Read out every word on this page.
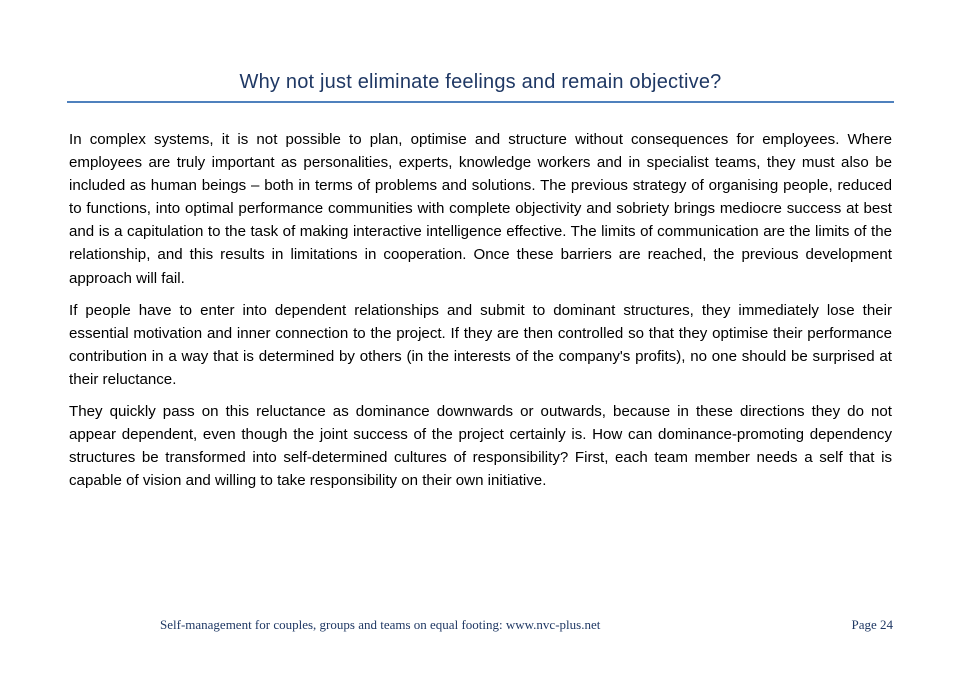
Why not just eliminate feelings and remain objective?

In complex systems, it is not possible to plan, optimise and structure without consequences for employees. Where employees are truly important as personalities, experts, knowledge workers and in specialist teams, they must also be included as human beings – both in terms of problems and solutions. The previous strategy of organising people, reduced to functions, into optimal performance communities with complete objectivity and sobriety brings mediocre success at best and is a capitulation to the task of making interactive intelligence effective. The limits of communication are the limits of the relationship, and this results in limitations in cooperation. Once these barriers are reached, the previous development approach will fail.

If people have to enter into dependent relationships and submit to dominant structures, they immediately lose their essential motivation and inner connection to the project. If they are then controlled so that they optimise their performance contribution in a way that is determined by others (in the interests of the company's profits), no one should be surprised at their reluctance.

They quickly pass on this reluctance as dominance downwards or outwards, because in these directions they do not appear dependent, even though the joint success of the project certainly is. How can dominance-promoting dependency structures be transformed into self-determined cultures of responsibility? First, each team member needs a self that is capable of vision and willing to take responsibility on their own initiative.

Self-management for couples, groups and teams on equal footing: www.nvc-plus.net	Page 24
